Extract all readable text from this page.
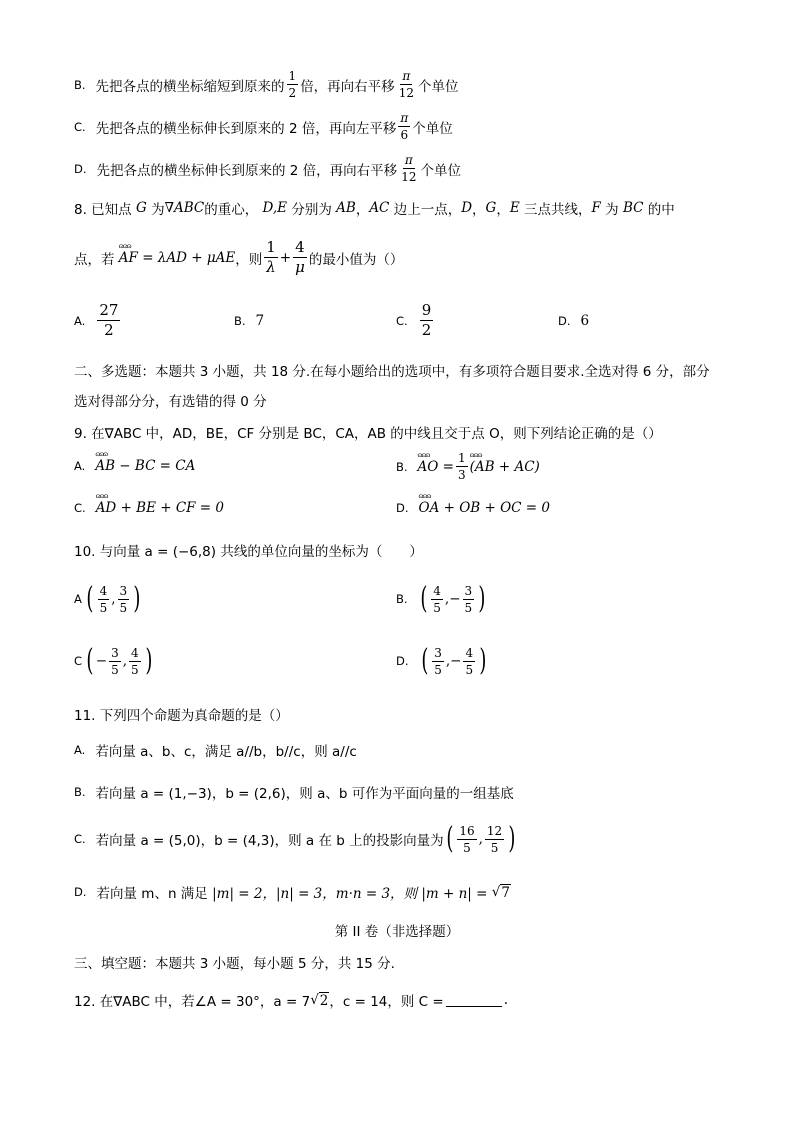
B. 先把各点的横坐标缩短到原来的 $\frac{1}{2}$ 倍，再向右平移 $\frac{\pi}{12}$ 个单位
C. 先把各点的横坐标伸长到原来的 2 倍，再向左平移 $\frac{\pi}{6}$ 个单位
D. 先把各点的横坐标伸长到原来的 2 倍，再向右平移 $\frac{\pi}{12}$ 个单位
8. 已知点
G
为 ∇ABC 的重心，
D,E
分别为
AB ， AC
边上一点， D ， G ， E
三点共线， F
为
BC
的中
点，若
ɷɷɷ AF = λAD + μAE ，则 $\frac{1}{\lambda} + \frac{4}{\mu}$ 的最小值为（）
A. $\frac{27}{2}$	B. 7	C. $\frac{9}{2}$	D. 6
二、多选题：本题共 3 小题，共 18 分.在每小题给出的选项中，有多项符合题目要求.全选对得 6 分，部分
选对得部分分，有选错的得 0 分
9. 在∇ABC 中，AD，BE，CF 分别是 BC，CA，AB 的中线且交于点 O，则下列结论正确的是（）
A. ɷɷɷ AB − BC = CA	B. ɷɷɷ AO = $\frac{1}{3}$ ɷɷɷ (AB + AC)
C. ɷɷɷ AD + BE + CF = 0	D. ɷɷɷ OA + OB + OC = 0
10. 与向量 a = (−6,8) 共线的单位向量的坐标为（　　）
A ( $\frac{4}{5}$ , $\frac{3}{5}$ )	B. ( $\frac{4}{5}$ , − $\frac{3}{5}$ )
C ( − $\frac{3}{5}$ , $\frac{4}{5}$ )	D. ( $\frac{3}{5}$ , − $\frac{4}{5}$ )
11. 下列四个命题为真命题的是（）
A. 若向量 a、b、c，满足 a//b，b//c，则 a//c
B. 若向量 a = (1,−3)，b = (2,6)，则 a、b 可作为平面向量的一组基底
C. 若向量 a = (5,0)，b = (4,3)，则 a 在 b 上的投影向量为 ( $\frac{16}{5}$ , $\frac{12}{5}$ )
D. 若向量 m、n 满足
|m| = 2，|n| = 3，m·n = 3，则 |m + n| = √ 7
第 II 卷（非选择题）
三、填空题：本题共 3 小题，每小题 5 分，共 15 分.
12. 在∇ABC 中，若∠A = 30°，a = 7 √ 2 ，c = 14，则 C =	.
